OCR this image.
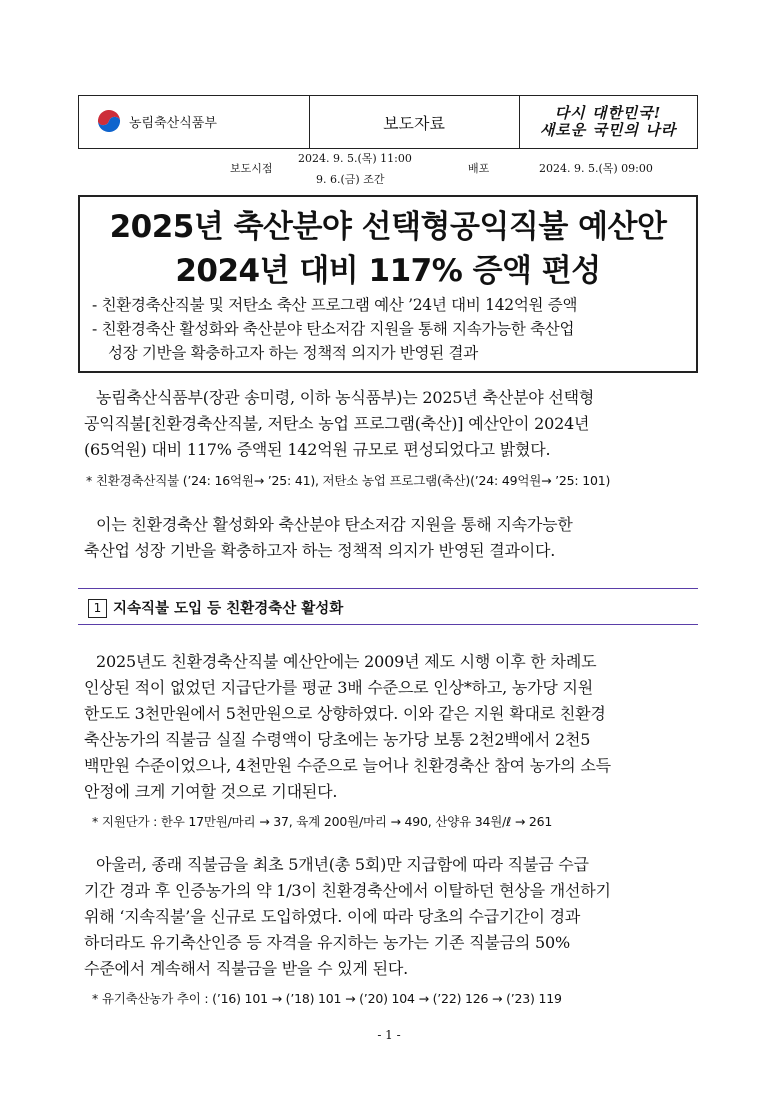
농림축산식품부	보도자료
다시 대한민국!
새로운 국민의 나라
보도시점
2024. 9. 5.(목) 11:00
9. 6.(금) 조간
배포	2024. 9. 5.(목) 09:00
2025년 축산분야 선택형공익직불 예산안
2024년 대비 117% 증액 편성
- 친환경축산직불 및 저탄소 축산 프로그램 예산 ’24년 대비 142억원 증액
- 친환경축산 활성화와 축산분야 탄소저감 지원을 통해 지속가능한 축산업
성장 기반을 확충하고자 하는 정책적 의지가 반영된 결과
농림축산식품부(장관 송미령, 이하 농식품부)는 2025년 축산분야 선택형
공익직불[친환경축산직불, 저탄소 농업 프로그램(축산)] 예산안이 2024년
(65억원) 대비 117% 증액된 142억원 규모로 편성되었다고 밝혔다.
* 친환경축산직불 (’24: 16억원→ ’25: 41), 저탄소 농업 프로그램(축산)(’24: 49억원→ ’25: 101)
이는 친환경축산 활성화와 축산분야 탄소저감 지원을 통해 지속가능한
축산업 성장 기반을 확충하고자 하는 정책적 의지가 반영된 결과이다.
1 지속직불 도입 등 친환경축산 활성화
2025년도 친환경축산직불 예산안에는 2009년 제도 시행 이후 한 차례도
인상된 적이 없었던 지급단가를 평균 3배 수준으로 인상*하고, 농가당 지원
한도도 3천만원에서 5천만원으로 상향하였다. 이와 같은 지원 확대로 친환경
축산농가의 직불금 실질 수령액이 당초에는 농가당 보통 2천2백에서 2천5
백만원 수준이었으나, 4천만원 수준으로 늘어나 친환경축산 참여 농가의 소득
안정에 크게 기여할 것으로 기대된다.
* 지원단가 : 한우 17만원/마리 → 37, 육계 200원/마리 → 490, 산양유 34원/ℓ → 261
아울러, 종래 직불금을 최초 5개년(총 5회)만 지급함에 따라 직불금 수급
기간 경과 후 인증농가의 약 1/3이 친환경축산에서 이탈하던 현상을 개선하기
위해 ‘지속직불’을 신규로 도입하였다. 이에 따라 당초의 수급기간이 경과
하더라도 유기축산인증 등 자격을 유지하는 농가는 기존 직불금의 50%
수준에서 계속해서 직불금을 받을 수 있게 된다.
* 유기축산농가 추이 : (’16) 101 → (’18) 101 → (’20) 104 → (’22) 126 → (’23) 119
- 1 -
